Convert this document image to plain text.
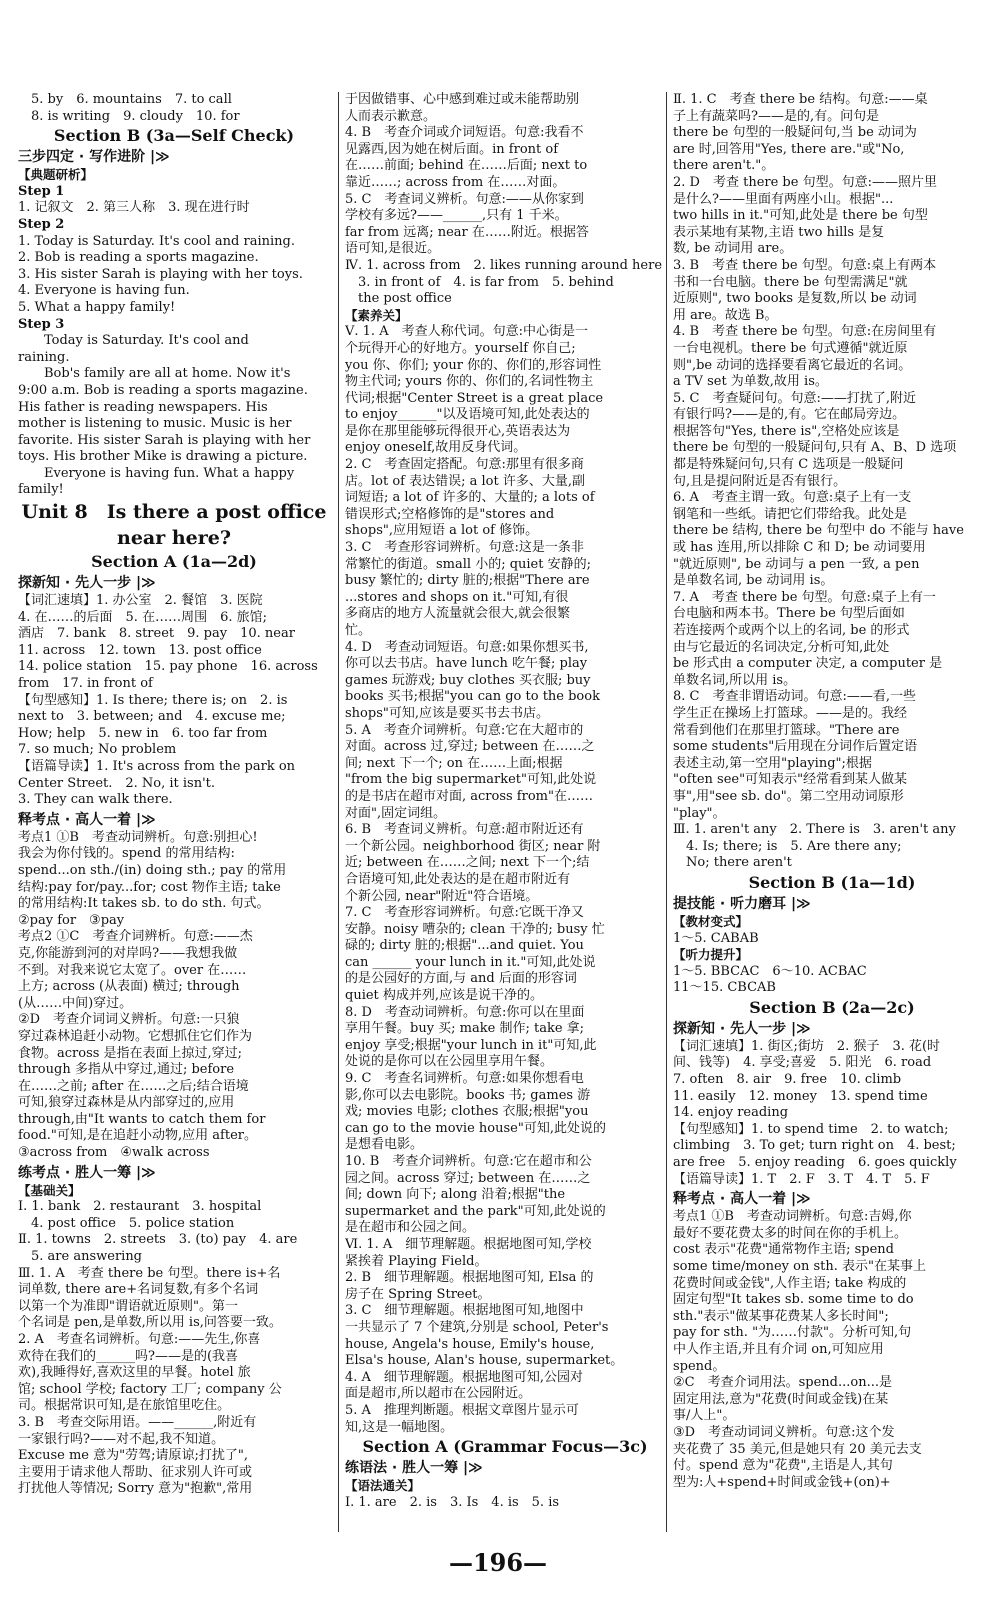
　5. by　6. mountains　7. to call
　8. is writing　9. cloudy　10. for
Section B (3a—Self Check)
三步四定 · 写作进阶 |≫
【典题研析】
Step 1
1. 记叙文　2. 第三人称　3. 现在进行时
Step 2
1. Today is Saturday. It's cool and raining.
2. Bob is reading a sports magazine.
3. His sister Sarah is playing with her toys.
4. Everyone is having fun.
5. What a happy family!
Step 3
　　Today is Saturday. It's cool and
raining.
　　Bob's family are all at home. Now it's
9:00 a.m. Bob is reading a sports magazine.
His father is reading newspapers. His
mother is listening to music. Music is her
favorite. His sister Sarah is playing with her
toys. His brother Mike is drawing a picture.
　　Everyone is having fun. What a happy
family!
Unit 8　Is there a post office
near here?
Section A (1a—2d)
探新知 · 先人一步 |≫
【词汇速填】1. 办公室　2. 餐馆　3. 医院
4. 在……的后面　5. 在……周围　6. 旅馆;
酒店　7. bank　8. street　9. pay　10. near
11. across　12. town　13. post office
14. police station　15. pay phone　16. across
from　17. in front of
【句型感知】1. Is there; there is; on　2. is
next to　3. between; and　4. excuse me;
How; help　5. new in　6. too far from
7. so much; No problem
【语篇导读】1. It's across from the park on
Center Street.　2. No, it isn't.
3. They can walk there.
释考点 · 高人一着 |≫
考点1 ①B　考查动词辨析。句意:别担心!
我会为你付钱的。spend 的常用结构:
spend...on sth./(in) doing sth.; pay 的常用
结构:pay for/pay...for; cost 物作主语; take
的常用结构:It takes sb. to do sth. 句式。
②pay for　③pay
考点2 ①C　考查介词辨析。句意:——杰
克,你能游到河的对岸吗?——我想我做
不到。对我来说它太宽了。over 在……
上方; across (从表面) 横过; through
(从……中间)穿过。
②D　考查介词词义辨析。句意:一只狼
穿过森林追赶小动物。它想抓住它们作为
食物。across 是指在表面上掠过,穿过;
through 多指从中穿过,通过; before
在……之前; after 在……之后;结合语境
可知,狼穿过森林是从内部穿过的,应用
through,由"It wants to catch them for
food."可知,是在追赶小动物,应用 after。
③across from　④walk across
练考点 · 胜人一筹 |≫
【基础关】
Ⅰ. 1. bank　2. restaurant　3. hospital
　4. post office　5. police station
Ⅱ. 1. towns　2. streets　3. (to) pay　4. are
　5. are answering
Ⅲ. 1. A　考查 there be 句型。there is+名
词单数, there are+名词复数,有多个名词
以第一个为准即"谓语就近原则"。第一
个名词是 pen,是单数,所以用 is,问答要一致。
2. A　考查名词辨析。句意:——先生,你喜
欢待在我们的______吗?——是的(我喜
欢),我睡得好,喜欢这里的早餐。hotel 旅
馆; school 学校; factory 工厂; company 公
司。根据常识可知,是在旅馆里吃住。
3. B　考查交际用语。——______,附近有
一家银行吗?——对不起,我不知道。
Excuse me 意为"劳驾;请原谅;打扰了",
主要用于请求他人帮助、征求别人许可或
打扰他人等情况; Sorry 意为"抱歉",常用
于因做错事、心中感到难过或未能帮助别
人而表示歉意。
4. B　考查介词或介词短语。句意:我看不
见露西,因为她在树后面。in front of
在……前面; behind 在……后面; next to
靠近……; across from 在……对面。
5. C　考查词义辨析。句意:——从你家到
学校有多远?——______,只有 1 千米。
far from 远离; near 在……附近。根据答
语可知,是很近。
Ⅳ. 1. across from　2. likes running around here
　3. in front of　4. is far from　5. behind
　the post office
【素养关】
Ⅴ. 1. A　考查人称代词。句意:中心街是一
个玩得开心的好地方。yourself 你自己;
you 你、你们; your 你的、你们的,形容词性
物主代词; yours 你的、你们的,名词性物主
代词;根据"Center Street is a great place
to enjoy______"以及语境可知,此处表达的
是你在那里能够玩得很开心,英语表达为
enjoy oneself,故用反身代词。
2. C　考查固定搭配。句意:那里有很多商
店。lot of 表达错误; a lot 许多、大量,副
词短语; a lot of 许多的、大量的; a lots of
错误形式;空格修饰的是"stores and
shops",应用短语 a lot of 修饰。
3. C　考查形容词辨析。句意:这是一条非
常繁忙的街道。small 小的; quiet 安静的;
busy 繁忙的; dirty 脏的;根据"There are
...stores and shops on it."可知,有很
多商店的地方人流量就会很大,就会很繁
忙。
4. D　考查动词短语。句意:如果你想买书,
你可以去书店。have lunch 吃午餐; play
games 玩游戏; buy clothes 买衣服; buy
books 买书;根据"you can go to the book
shops"可知,应该是要买书去书店。
5. A　考查介词辨析。句意:它在大超市的
对面。across 过,穿过; between 在……之
间; next 下一个; on 在……上面;根据
"from the big supermarket"可知,此处说
的是书店在超市对面, across from"在……
对面",固定词组。
6. B　考查词义辨析。句意:超市附近还有
一个新公园。neighborhood 街区; near 附
近; between 在……之间; next 下一个;结
合语境可知,此处表达的是在超市附近有
个新公园, near"附近"符合语境。
7. C　考查形容词辨析。句意:它既干净又
安静。noisy 嘈杂的; clean 干净的; busy 忙
碌的; dirty 脏的;根据"...and quiet. You
can ______ your lunch in it."可知,此处说
的是公园好的方面,与 and 后面的形容词
quiet 构成并列,应该是说干净的。
8. D　考查动词辨析。句意:你可以在里面
享用午餐。buy 买; make 制作; take 拿;
enjoy 享受;根据"your lunch in it"可知,此
处说的是你可以在公园里享用午餐。
9. C　考查名词辨析。句意:如果你想看电
影,你可以去电影院。books 书; games 游
戏; movies 电影; clothes 衣服;根据"you
can go to the movie house"可知,此处说的
是想看电影。
10. B　考查介词辨析。句意:它在超市和公
园之间。across 穿过; between 在……之
间; down 向下; along 沿着;根据"the
supermarket and the park"可知,此处说的
是在超市和公园之间。
Ⅵ. 1. A　细节理解题。根据地图可知,学校
紧挨着 Playing Field。
2. B　细节理解题。根据地图可知, Elsa 的
房子在 Spring Street。
3. C　细节理解题。根据地图可知,地图中
一共显示了 7 个建筑,分别是 school, Peter's
house, Angela's house, Emily's house,
Elsa's house, Alan's house, supermarket。
4. A　细节理解题。根据地图可知,公园对
面是超市,所以超市在公园附近。
5. A　推理判断题。根据文章图片显示可
知,这是一幅地图。
Section A (Grammar Focus—3c)
练语法 · 胜人一筹 |≫
【语法通关】
Ⅰ. 1. are　2. is　3. Is　4. is　5. is
Ⅱ. 1. C　考查 there be 结构。句意:——桌
子上有蔬菜吗?——是的,有。问句是
there be 句型的一般疑问句,当 be 动词为
are 时,回答用"Yes, there are."或"No,
there aren't."。
2. D　考查 there be 句型。句意:——照片里
是什么?——里面有两座小山。根据"...
two hills in it."可知,此处是 there be 句型
表示某地有某物,主语 two hills 是复
数, be 动词用 are。
3. B　考查 there be 句型。句意:桌上有两本
书和一台电脑。there be 句型需满足"就
近原则", two books 是复数,所以 be 动词
用 are。故选 B。
4. B　考查 there be 句型。句意:在房间里有
一台电视机。there be 句式遵循"就近原
则",be 动词的选择要看离它最近的名词。
a TV set 为单数,故用 is。
5. C　考查疑问句。句意:——打扰了,附近
有银行吗?——是的,有。它在邮局旁边。
根据答句"Yes, there is",空格处应该是
there be 句型的一般疑问句,只有 A、B、D 选项
都是特殊疑问句,只有 C 选项是一般疑问
句,且是提问附近是否有银行。
6. A　考查主谓一致。句意:桌子上有一支
钢笔和一些纸。请把它们带给我。此处是
there be 结构, there be 句型中 do 不能与 have
或 has 连用,所以排除 C 和 D; be 动词要用
"就近原则", be 动词与 a pen 一致, a pen
是单数名词, be 动词用 is。
7. A　考查 there be 句型。句意:桌子上有一
台电脑和两本书。There be 句型后面如
若连接两个或两个以上的名词, be 的形式
由与它最近的名词决定,分析可知,此处
be 形式由 a computer 决定, a computer 是
单数名词,所以用 is。
8. C　考查非谓语动词。句意:——看,一些
学生正在操场上打篮球。——是的。我经
常看到他们在那里打篮球。"There are
some students"后用现在分词作后置定语
表述主动,第一空用"playing";根据
"often see"可知表示"经常看到某人做某
事",用"see sb. do"。第二空用动词原形
"play"。
Ⅲ. 1. aren't any　2. There is　3. aren't any
　4. Is; there; is　5. Are there any;
　No; there aren't
Section B (1a—1d)
提技能 · 听力磨耳 |≫
【教材变式】
1～5. CABAB
【听力提升】
1～5. BBCAC　6～10. ACBAC
11～15. CBCAB
Section B (2a—2c)
探新知 · 先人一步 |≫
【词汇速填】1. 街区;街坊　2. 猴子　3. 花(时
间、钱等)　4. 享受;喜爱　5. 阳光　6. road
7. often　8. air　9. free　10. climb
11. easily　12. money　13. spend time
14. enjoy reading
【句型感知】1. to spend time　2. to watch;
climbing　3. To get; turn right on　4. best;
are free　5. enjoy reading　6. goes quickly
【语篇导读】1. T　2. F　3. T　4. T　5. F
释考点 · 高人一着 |≫
考点1 ①B　考查动词辨析。句意:吉姆,你
最好不要花费太多的时间在你的手机上。
cost 表示"花费"通常物作主语; spend
some time/money on sth. 表示"在某事上
花费时间或金钱",人作主语; take 构成的
固定句型"It takes sb. some time to do
sth."表示"做某事花费某人多长时间";
pay for sth. "为……付款"。分析可知,句
中人作主语,并且有介词 on,可知应用
spend。
②C　考查介词用法。spend...on...是
固定用法,意为"花费(时间或金钱)在某
事/人上"。
③D　考查动词词义辨析。句意:这个发
夹花费了 35 美元,但是她只有 20 美元去支
付。spend 意为"花费",主语是人,其句
型为:人+spend+时间或金钱+(on)+
—196—
